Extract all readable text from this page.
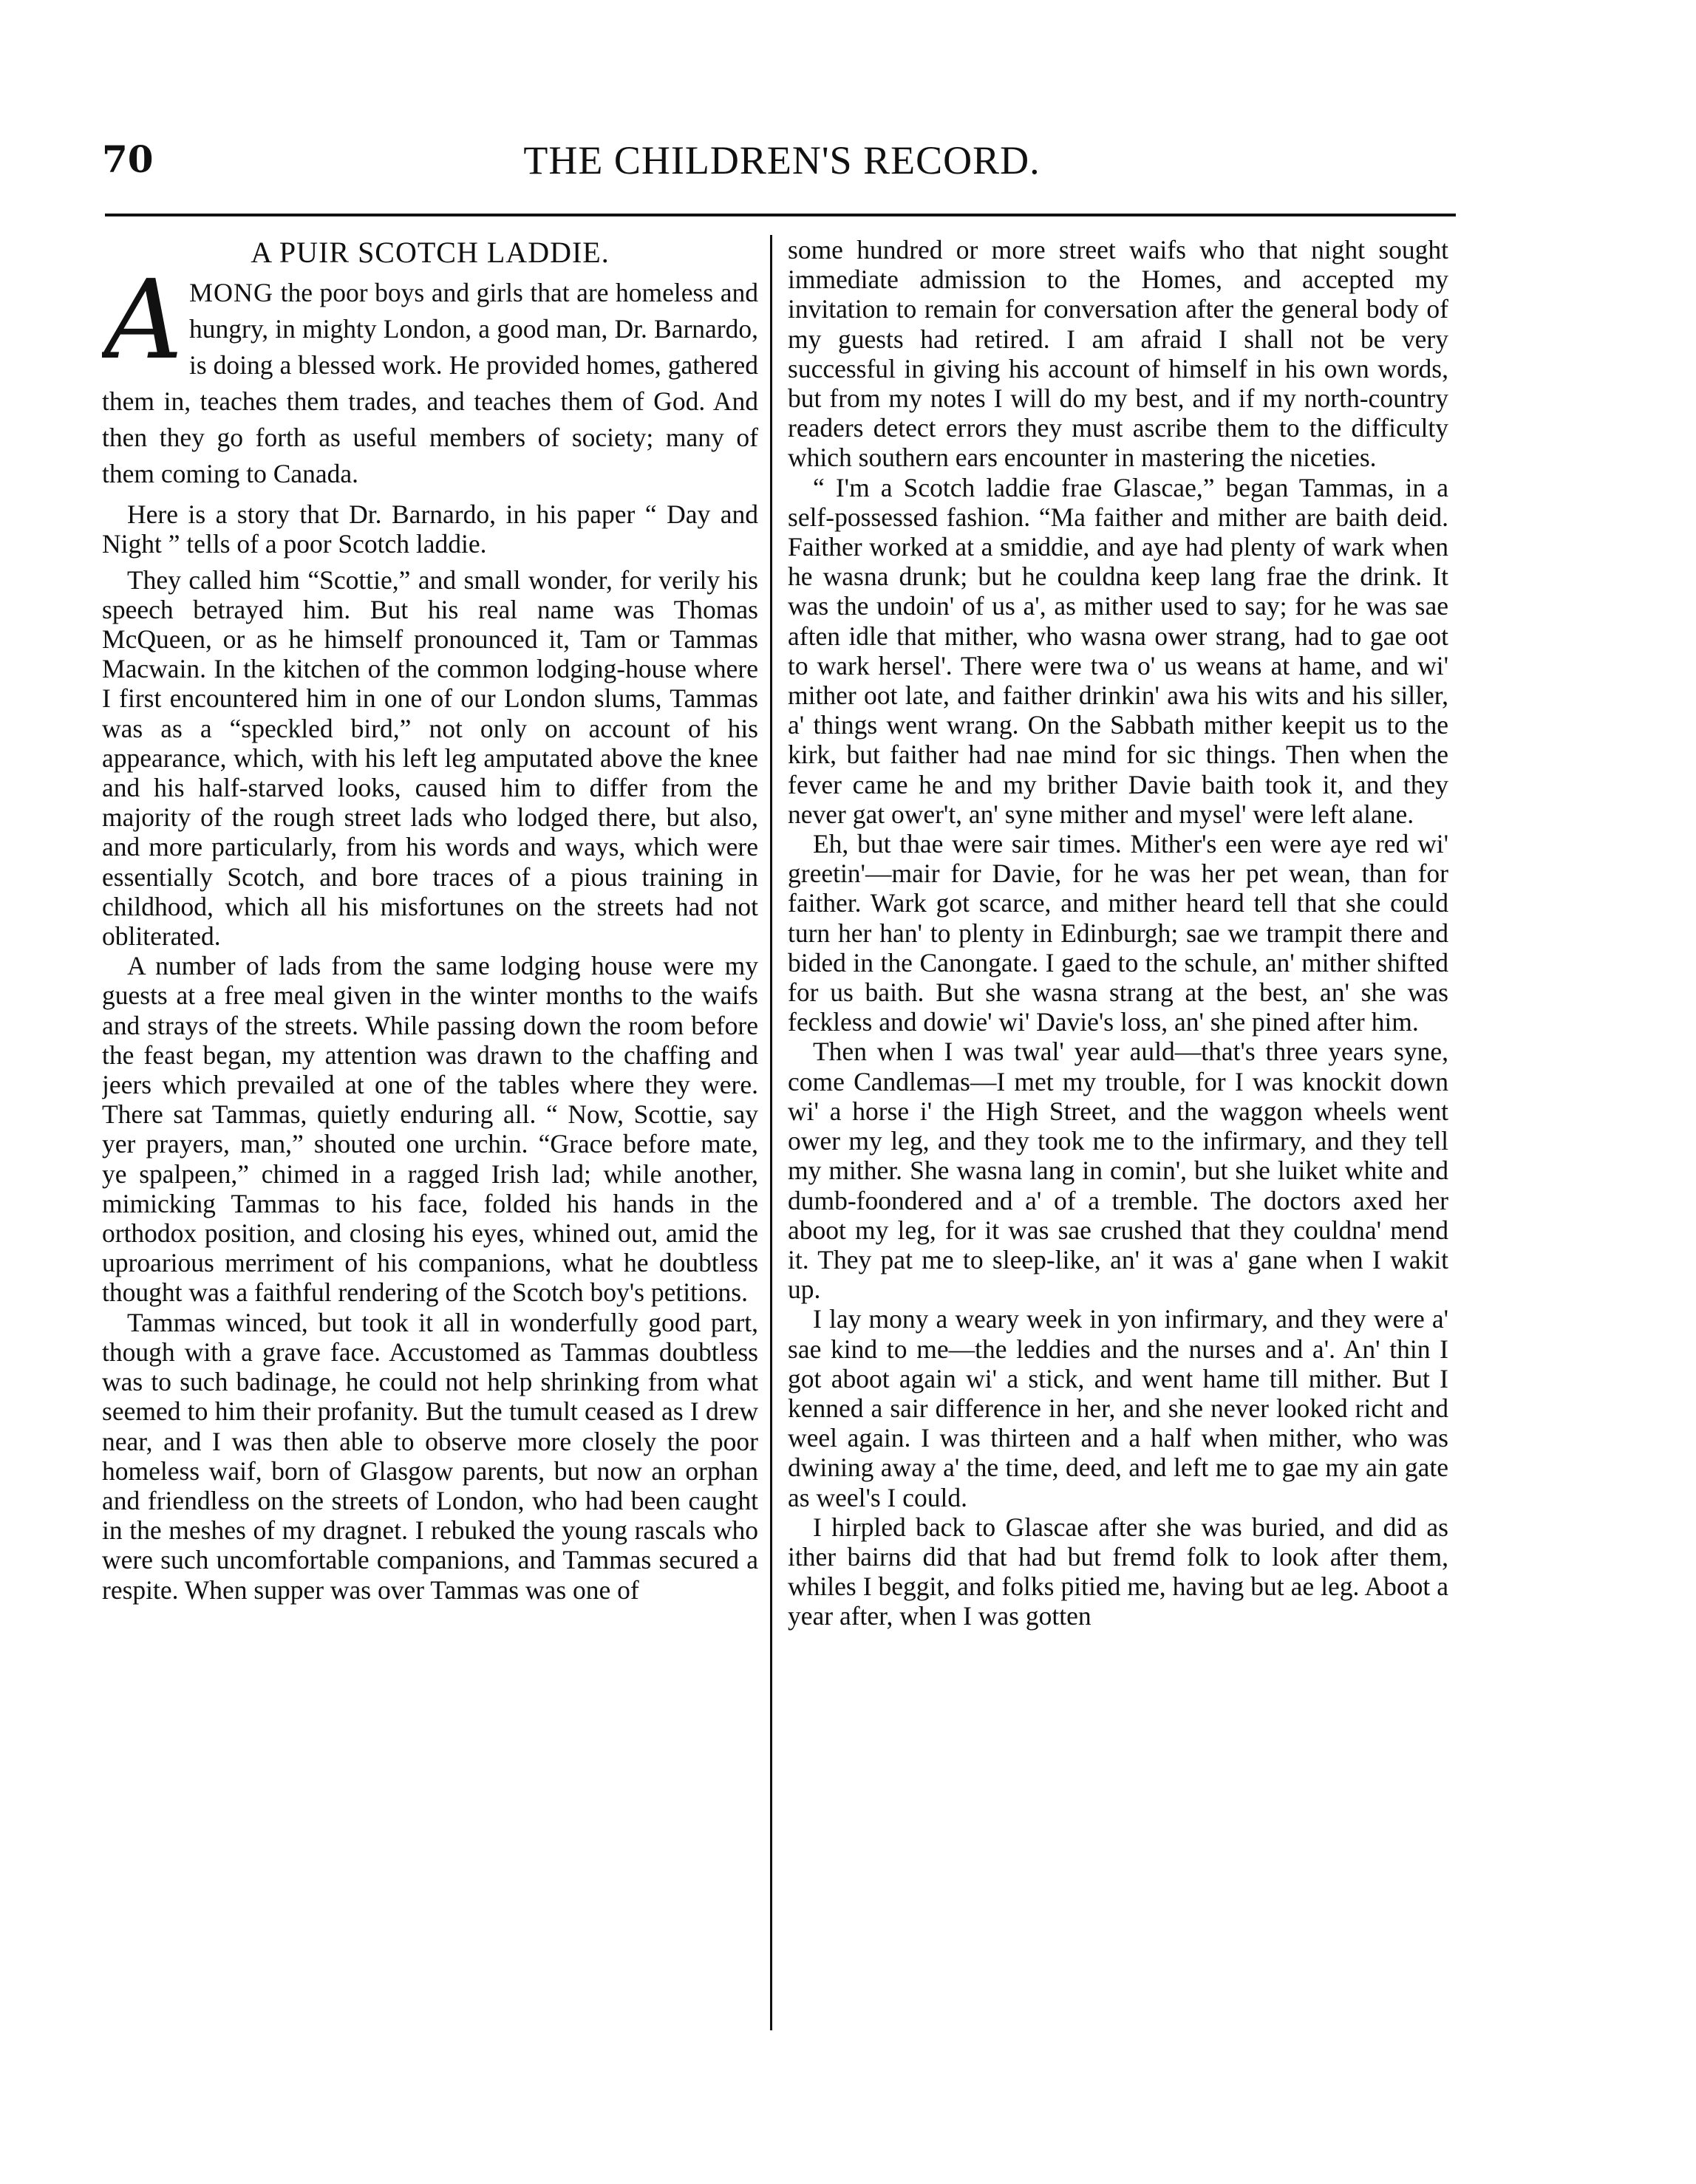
70	THE CHILDREN'S RECORD.
A PUIR SCOTCH LADDIE.

AMONG the poor boys and girls that are homeless and hungry, in mighty London, a good man, Dr. Barnardo, is doing a blessed work. He provided homes, gathered them in, teaches them trades, and teaches them of God. And then they go forth as useful members of society; many of them coming to Canada.

Here is a story that Dr. Barnardo, in his paper “ Day and Night ” tells of a poor Scotch laddie.

They called him “Scottie,” and small wonder, for verily his speech betrayed him. But his real name was Thomas McQueen, or as he himself pronounced it, Tam or Tammas Macwain. In the kitchen of the common lodging-house where I first encountered him in one of our London slums, Tammas was as a “speckled bird,” not only on account of his appearance, which, with his left leg amputated above the knee and his half-starved looks, caused him to differ from the majority of the rough street lads who lodged there, but also, and more particularly, from his words and ways, which were essentially Scotch, and bore traces of a pious training in childhood, which all his misfortunes on the streets had not obliterated.

A number of lads from the same lodging house were my guests at a free meal given in the winter months to the waifs and strays of the streets. While passing down the room before the feast began, my attention was drawn to the chaffing and jeers which prevailed at one of the tables where they were. There sat Tammas, quietly enduring all. “ Now, Scottie, say yer prayers, man,” shouted one urchin. “Grace before mate, ye spalpeen,” chimed in a ragged Irish lad; while another, mimicking Tammas to his face, folded his hands in the orthodox position, and closing his eyes, whined out, amid the uproarious merriment of his companions, what he doubtless thought was a faithful rendering of the Scotch boy's petitions.

Tammas winced, but took it all in wonderfully good part, though with a grave face. Accustomed as Tammas doubtless was to such badinage, he could not help shrinking from what seemed to him their profanity. But the tumult ceased as I drew near, and I was then able to observe more closely the poor homeless waif, born of Glasgow parents, but now an orphan and friendless on the streets of London, who had been caught in the meshes of my dragnet. I rebuked the young rascals who were such uncomfortable companions, and Tammas secured a respite. When supper was over Tammas was one of

some hundred or more street waifs who that night sought immediate admission to the Homes, and accepted my invitation to remain for conversation after the general body of my guests had retired. I am afraid I shall not be very successful in giving his account of himself in his own words, but from my notes I will do my best, and if my north-country readers detect errors they must ascribe them to the difficulty which southern ears encounter in mastering the niceties.

“ I'm a Scotch laddie frae Glascae,” began Tammas, in a self-possessed fashion. “Ma faither and mither are baith deid. Faither worked at a smiddie, and aye had plenty of wark when he wasna drunk; but he couldna keep lang frae the drink. It was the undoin' of us a', as mither used to say; for he was sae aften idle that mither, who wasna ower strang, had to gae oot to wark hersel'. There were twa o' us weans at hame, and wi' mither oot late, and faither drinkin' awa his wits and his siller, a' things went wrang. On the Sabbath mither keepit us to the kirk, but faither had nae mind for sic things. Then when the fever came he and my brither Davie baith took it, and they never gat ower't, an' syne mither and mysel' were left alane.

Eh, but thae were sair times. Mither's een were aye red wi' greetin'—mair for Davie, for he was her pet wean, than for faither. Wark got scarce, and mither heard tell that she could turn her han' to plenty in Edinburgh; sae we trampit there and bided in the Canongate. I gaed to the schule, an' mither shifted for us baith. But she wasna strang at the best, an' she was feckless and dowie' wi' Davie's loss, an' she pined after him.

Then when I was twal' year auld—that's three years syne, come Candlemas—I met my trouble, for I was knockit down wi' a horse i' the High Street, and the waggon wheels went ower my leg, and they took me to the infirmary, and they tell my mither. She wasna lang in comin', but she luiket white and dumb-foondered and a' of a tremble. The doctors axed her aboot my leg, for it was sae crushed that they couldna' mend it. They pat me to sleep-like, an' it was a' gane when I wakit up.

I lay mony a weary week in yon infirmary, and they were a' sae kind to me—the leddies and the nurses and a'. An' thin I got aboot again wi' a stick, and went hame till mither. But I kenned a sair difference in her, and she never looked richt and weel again. I was thirteen and a half when mither, who was dwining away a' the time, deed, and left me to gae my ain gate as weel's I could.

I hirpled back to Glascae after she was buried, and did as ither bairns did that had but fremd folk to look after them, whiles I beggit, and folks pitied me, having but ae leg. Aboot a year after, when I was gotten
